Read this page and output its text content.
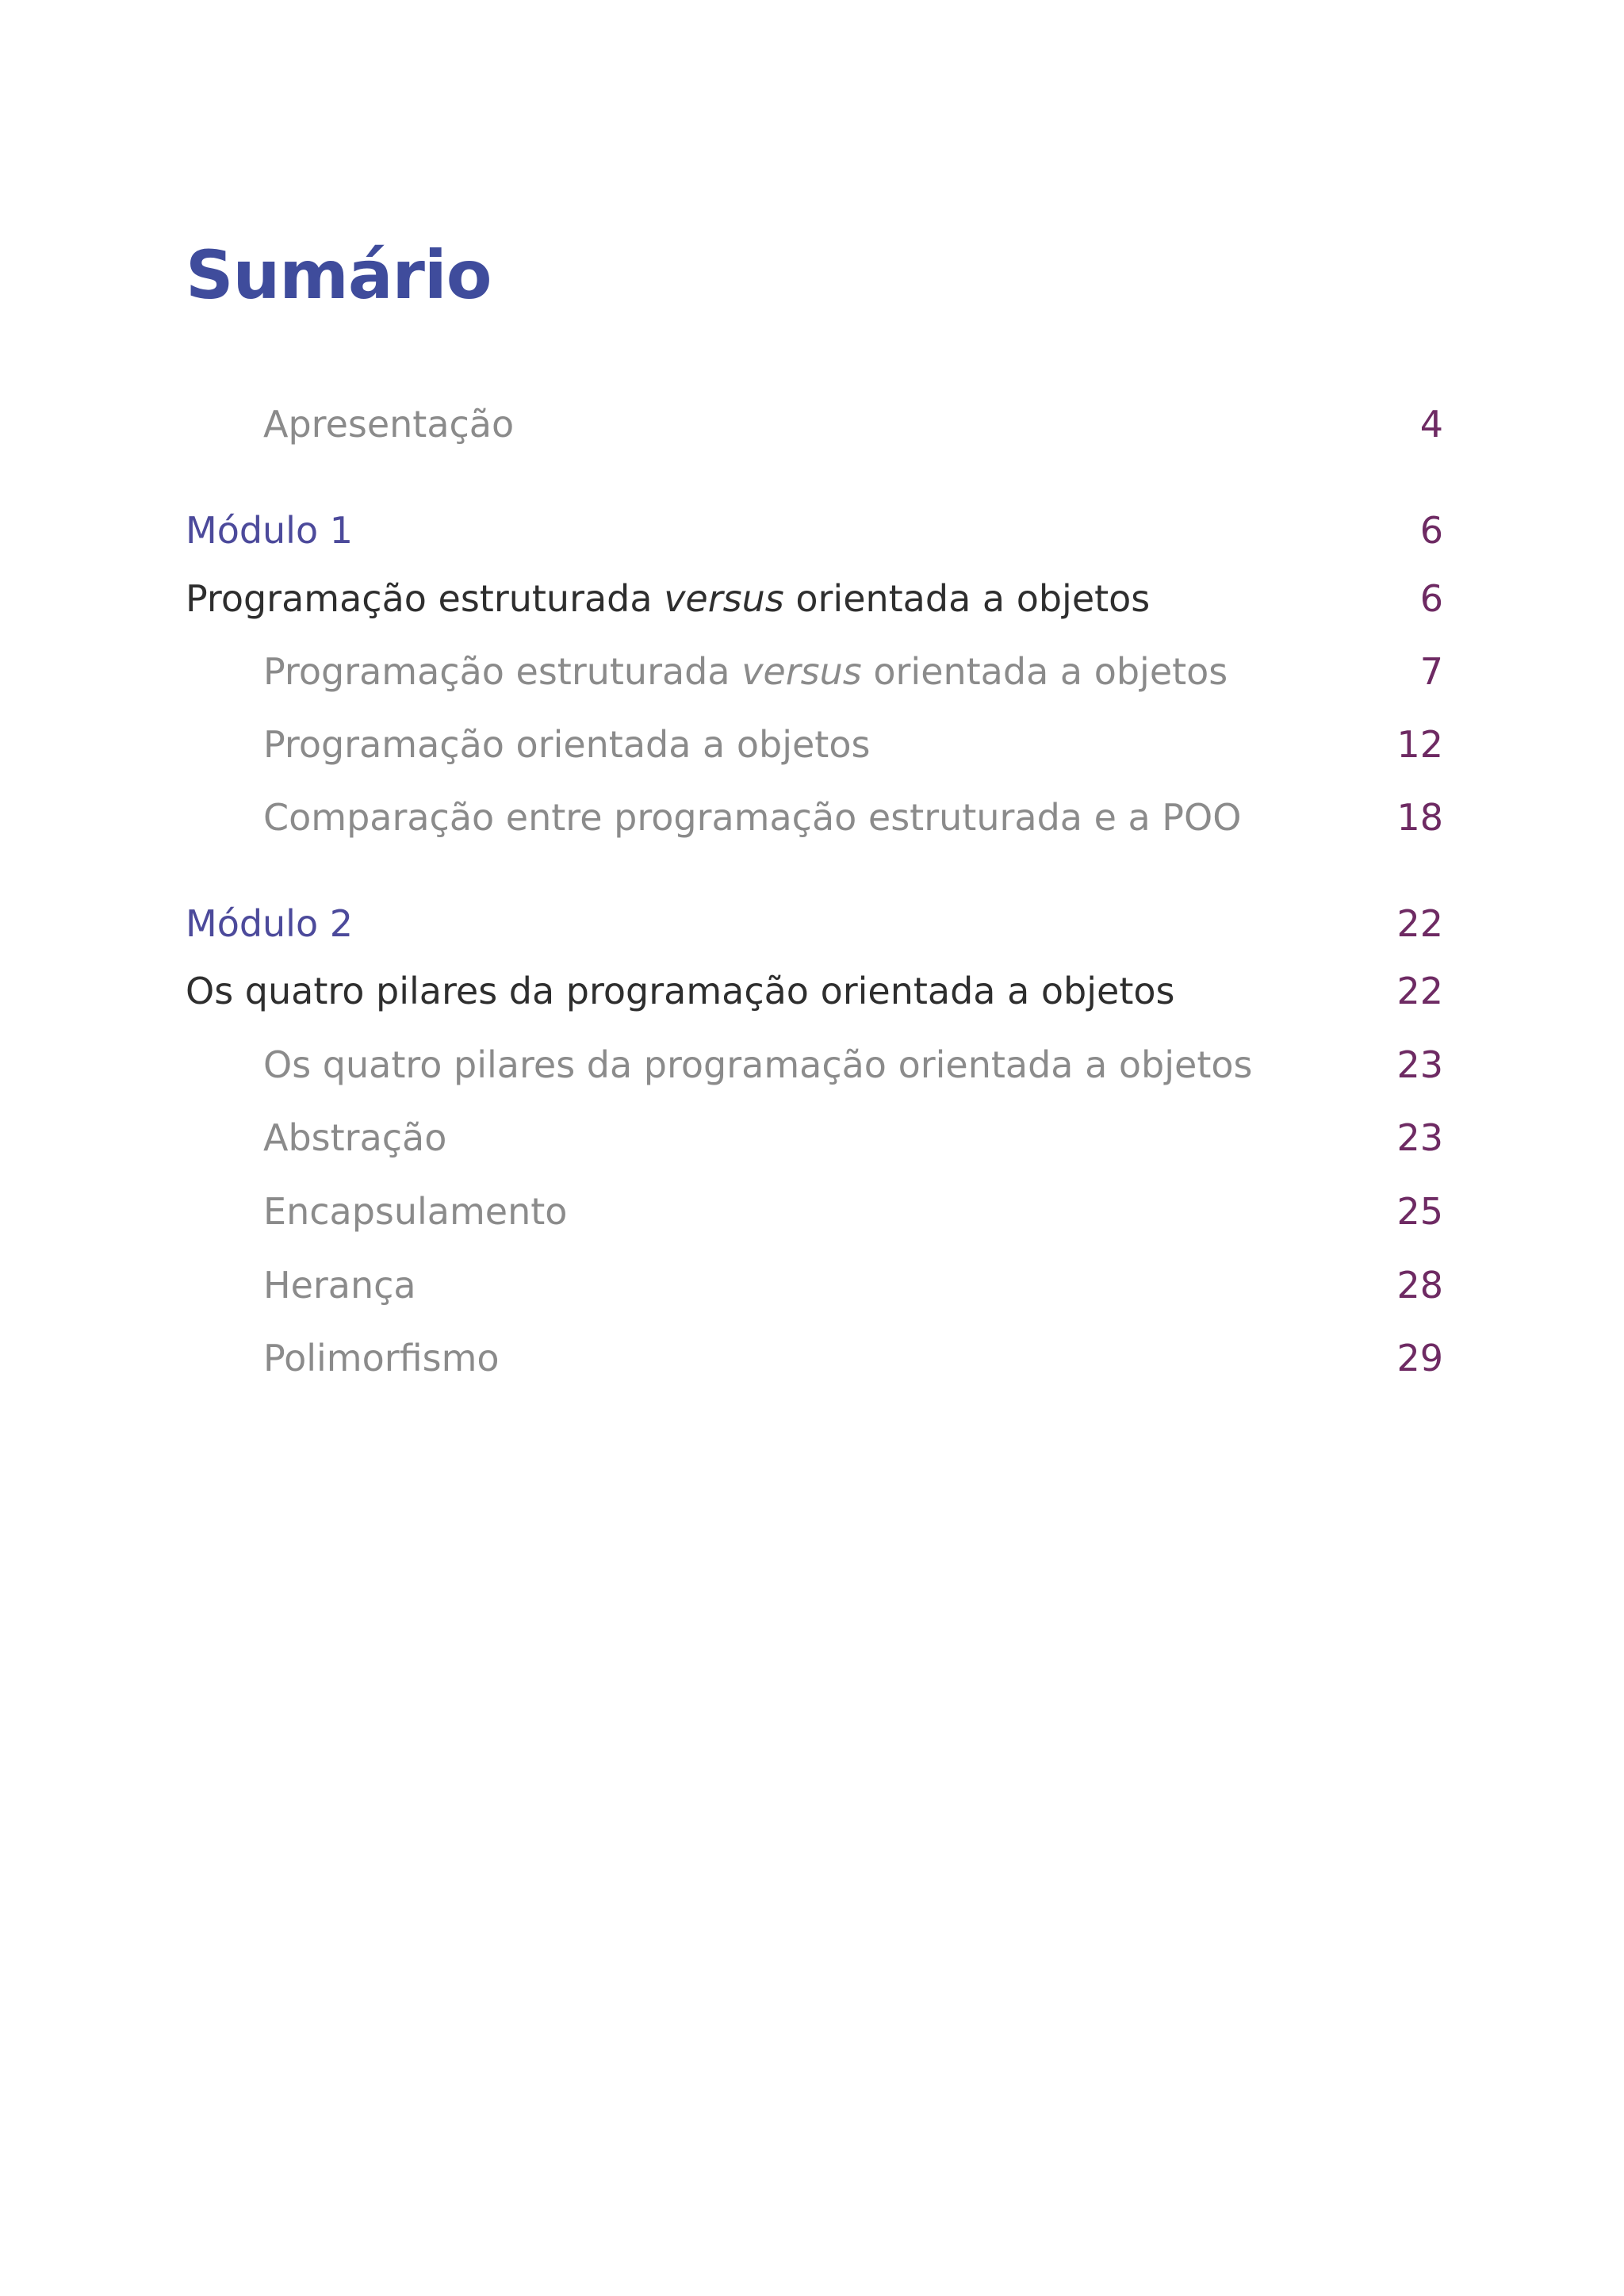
Sumário
Apresentação	4
Módulo 1	6
Programação estruturada versus orientada a objetos	6
Programação estruturada versus orientada a objetos	7
Programação orientada a objetos	12
Comparação entre programação estruturada e a POO	18
Módulo 2	22
Os quatro pilares da programação orientada a objetos	22
Os quatro pilares da programação orientada a objetos	23
Abstração	23
Encapsulamento	25
Herança	28
Polimorfismo	29
